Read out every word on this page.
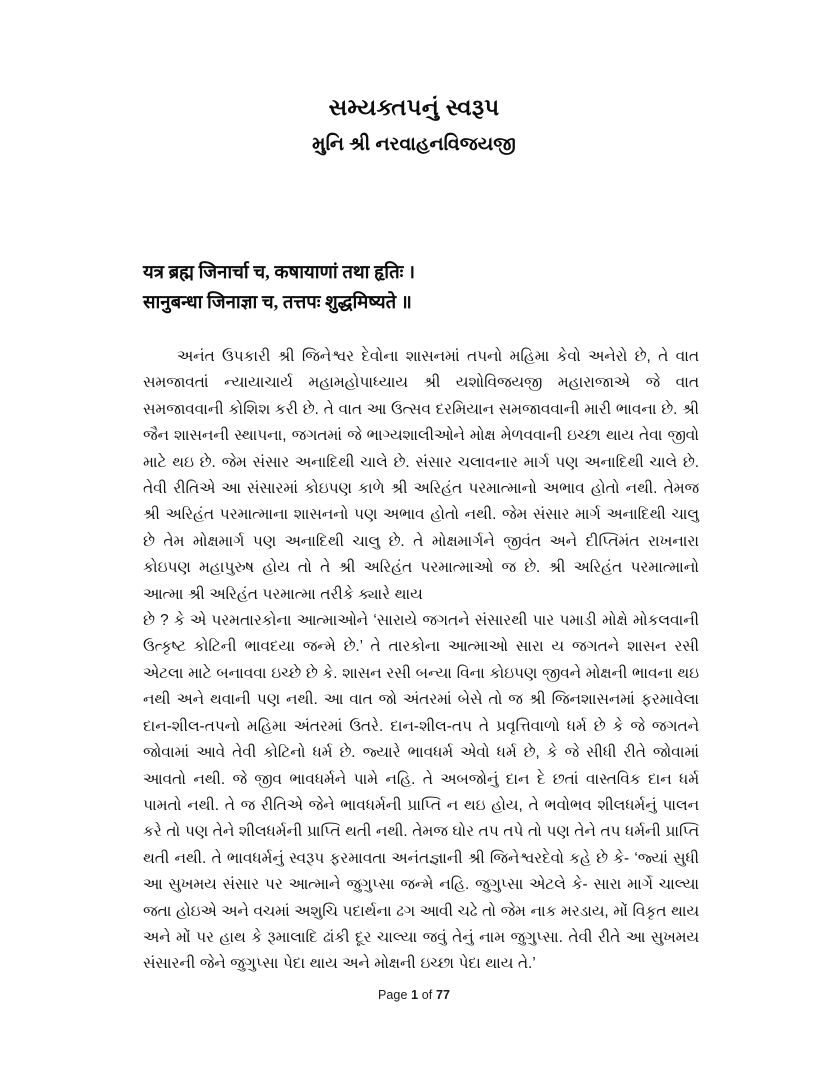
સમ્યક્તપનું સ્વરૂપ
મુનિ શ્રી નરવાહનવિજયજી
यत्र ब्रह्म जिनार्चा च, कषायाणां तथा हृतिः ।
सानुबन्धा जिनाज्ञा च, तत्तपः शुद्धमिष्यते ॥

અનંત ઉપકારી શ્રી જિનેશ્વર દેવોના શાસનમાં તપનો મહિમા કેવો અનેરો છે, તે વાત સમજાવતાં ન્યાયાચાર્ય મહામહોપાધ્યાય શ્રી યશોવિજયજી મહારાજાએ જે વાત સમજાવવાની કોશિશ કરી છે. તે વાત આ ઉત્સવ દરમિયાન સમજાવવાની મારી ભાવના છે. શ્રી જૈન શાસનની સ્થાપના, જગતમાં જે ભાગ્યશાલીઓને મોક્ષ મેળવવાની ઇચ્છા થાય તેવા જીવો માટે થઇ છે. જેમ સંસાર અનાદિથી ચાલે છે. સંસાર ચલાવનાર માર્ગ પણ અનાદિથી ચાલે છે. તેવી રીતિએ આ સંસારમાં કોઇપણ કાળે શ્રી અરિહંત પરમાત્માનો અભાવ હોતો નથી. તેમજ શ્રી અરિહંત પરમાત્માના શાસનનો પણ અભાવ હોતો નથી. જેમ સંસાર માર્ગ અનાદિથી ચાલુ છે તેમ મોક્ષમાર્ગ પણ અનાદિથી ચાલુ છે. તે મોક્ષમાર્ગને જીવંત અને દીપ્તિમંત રાખનારા કોઇપણ મહાપુરુષ હોય તો તે શ્રી અરિહંત પરમાત્માઓ જ છે. શ્રી અરિહંત પરમાત્માનો આત્મા શ્રી અરિહંત પરમાત્મા તરીકે ક્યારે થાય

છે ? કે એ પરમતારકોના આત્માઓને ‘સારાયે જગતને સંસારથી પાર પમાડી મોક્ષે મોકલવાની ઉત્કૃષ્ટ કોટિની ભાવદયા જન્મે છે.’ તે તારકોના આત્માઓ સારા ય જગતને શાસન રસી એટલા માટે બનાવવા ઇચ્છે છે કે. શાસન રસી બન્યા વિના કોઇપણ જીવને મોક્ષની ભાવના થઇ નથી અને થવાની પણ નથી. આ વાત જો અંતરમાં બેસે તો જ શ્રી જિનશાસનમાં ફરમાવેલા દાન-શીલ-તપનો મહિમા અંતરમાં ઉતરે. દાન-શીલ-તપ તે પ્રવૃત્તિવાળો ધર્મ છે કે જે જગતને જોવામાં આવે તેવી કોટિનો ધર્મ છે. જ્યારે ભાવધર્મ એવો ધર્મ છે, કે જે સીધી રીતે જોવામાં આવતો નથી. જે જીવ ભાવધર્મને પામે નહિ. તે અબજોનું દાન દે છતાં વાસ્તવિક દાન ધર્મ પામતો નથી. તે જ રીતિએ જેને ભાવધર્મની પ્રાપ્તિ ન થઇ હોય, તે ભવોભવ શીલધર્મનું પાલન કરે તો પણ તેને શીલધર્મની પ્રાપ્તિ થતી નથી. તેમજ ઘોર તપ તપે તો પણ તેને તપ ધર્મની પ્રાપ્તિ થતી નથી. તે ભાવધર્મનું સ્વરૂપ ફરમાવતા અનંતજ્ઞાની શ્રી જિનેશ્વરદેવો કહે છે કે- ‘જ્યાં સુધી આ સુખમય સંસાર પર આત્માને જુગુપ્સા જન્મે નહિ. જુગુપ્સા એટલે કે- સારા માર્ગે ચાલ્યા જતા હોઇએ અને વચમાં અશુચિ પદાર્થના ઢગ આવી ચઢે તો જેમ નાક મરડાય, મોં વિકૃત થાય અને મોં પર હાથ કે રૂમાલાદિ ઢાંકી દૂર ચાલ્યા જવું તેનું નામ જુગુપ્સા. તેવી રીતે આ સુખમય સંસારની જેને જુગુપ્સા પેદા થાય અને મોક્ષની ઇચ્છા પેદા થાય તે.’

Page 1 of 77
